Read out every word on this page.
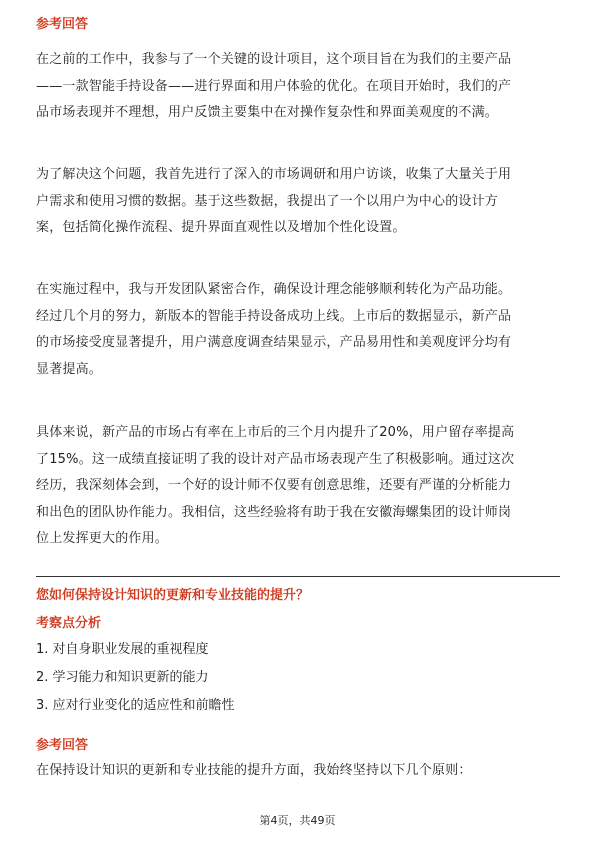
参考回答

在之前的工作中，我参与了一个关键的设计项目，这个项目旨在为我们的主要产品
——一款智能手持设备——进行界面和用户体验的优化。在项目开始时，我们的产
品市场表现并不理想，用户反馈主要集中在对操作复杂性和界面美观度的不满。

为了解决这个问题，我首先进行了深入的市场调研和用户访谈，收集了大量关于用
户需求和使用习惯的数据。基于这些数据，我提出了一个以用户为中心的设计方
案，包括简化操作流程、提升界面直观性以及增加个性化设置。

在实施过程中，我与开发团队紧密合作，确保设计理念能够顺利转化为产品功能。
经过几个月的努力，新版本的智能手持设备成功上线。上市后的数据显示，新产品
的市场接受度显著提升，用户满意度调查结果显示，产品易用性和美观度评分均有
显著提高。

具体来说，新产品的市场占有率在上市后的三个月内提升了20%，用户留存率提高
了15%。这一成绩直接证明了我的设计对产品市场表现产生了积极影响。通过这次
经历，我深刻体会到，一个好的设计师不仅要有创意思维，还要有严谨的分析能力
和出色的团队协作能力。我相信，这些经验将有助于我在安徽海螺集团的设计师岗
位上发挥更大的作用。

您如何保持设计知识的更新和专业技能的提升？
考察点分析
1. 对自身职业发展的重视程度
2. 学习能力和知识更新的能力
3. 应对行业变化的适应性和前瞻性
参考回答

在保持设计知识的更新和专业技能的提升方面，我始终坚持以下几个原则：

第4页，共49页
